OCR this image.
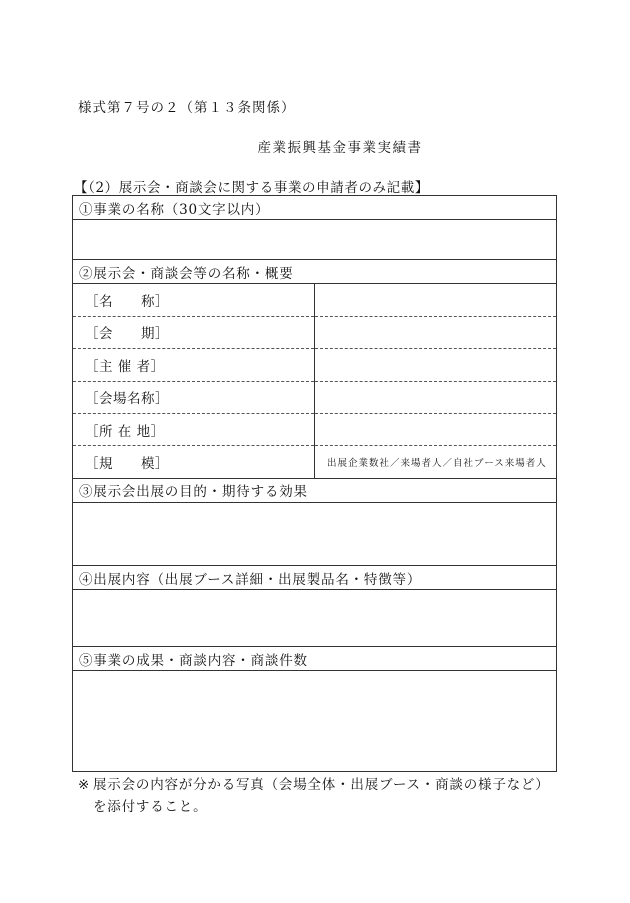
様式第７号の２（第１３条関係）
産業振興基金事業実績書
【（2）展示会・商談会に関する事業の申請者のみ記載】
①事業の名称（30文字以内）	

②展示会・商談会等の名称・概要	
［名　　称］	
［会　　期］	
［主 催 者］	
［会場名称］	
［所 在 地］	
［規　　模］	出展企業数 社／来場者 人／自社ブース来場者 人

③展示会出展の目的・期待する効果	

④出展内容（出展ブース詳細・出展製品名・特徴等）	

⑤事業の成果・商談内容・商談件数	

※ 展示会の内容が分かる写真（会場全体・出展ブース・商談の様子など）を添付すること。
